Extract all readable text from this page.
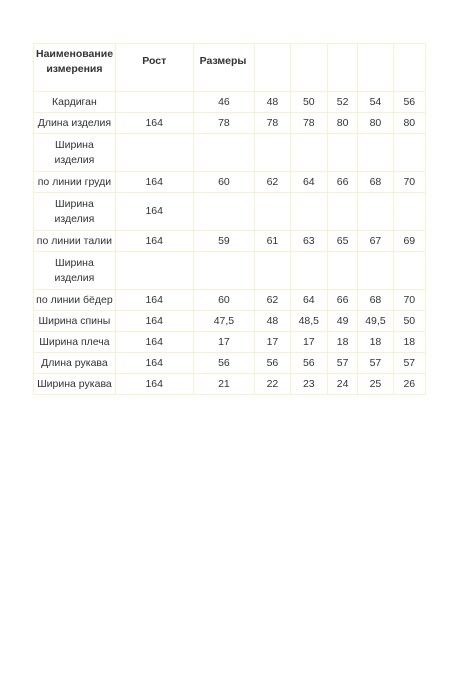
Наименование измерения	Рост	Размеры					
Кардиган		46	48	50	52	54	56
Длина изделия	164	78	78	78	80	80	80
Ширина изделия							
по линии груди	164	60	62	64	66	68	70
Ширина изделия	164						
по линии талии	164	59	61	63	65	67	69
Ширина изделия							
по линии бёдер	164	60	62	64	66	68	70
Ширина спины	164	47,5	48	48,5	49	49,5	50
Ширина плеча	164	17	17	17	18	18	18
Длина рукава	164	56	56	56	57	57	57
Ширина рукава	164	21	22	23	24	25	26
